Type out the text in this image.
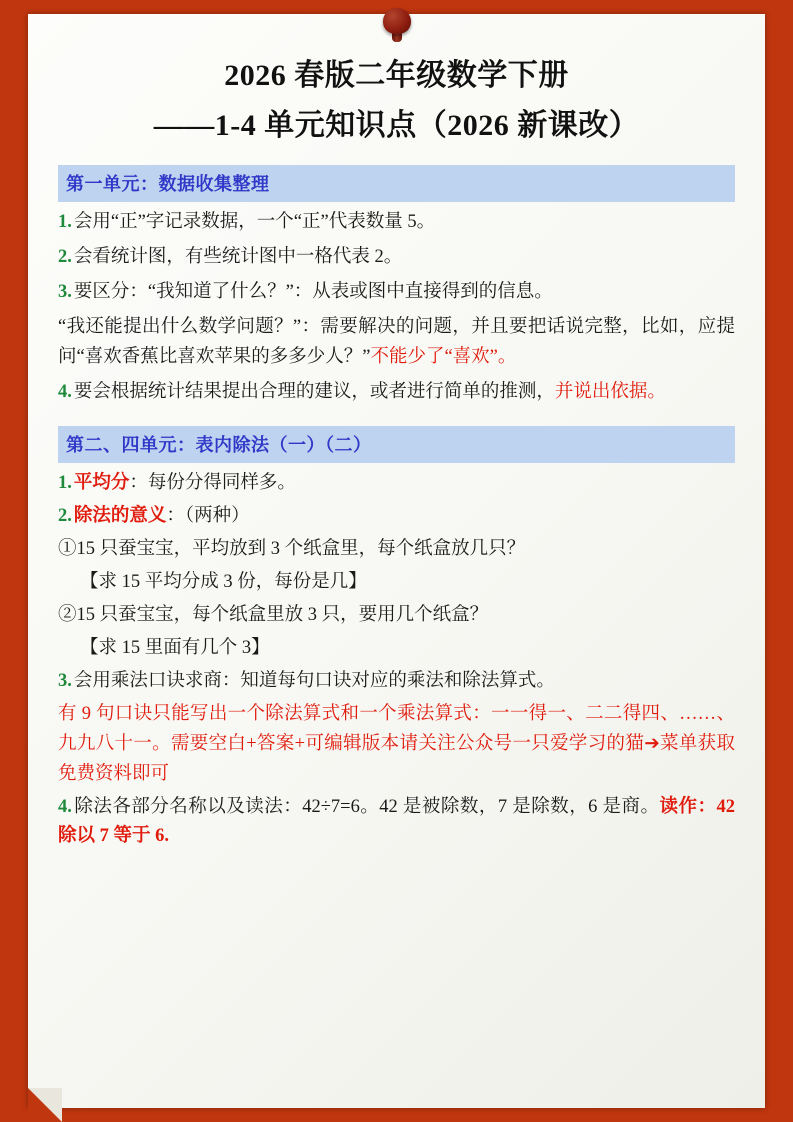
2026 春版二年级数学下册
——1-4 单元知识点（2026 新课改）
第一单元：数据收集整理

1. 会用“正”字记录数据，一个“正”代表数量 5。

2. 会看统计图，有些统计图中一格代表 2。

3. 要区分：“我知道了什么？”：从表或图中直接得到的信息。

“我还能提出什么数学问题？”：需要解决的问题，并且要把话说完整，比如，应提问“喜欢香蕉比喜欢苹果的多多少人？”不能少了“喜欢”。

4. 要会根据统计结果提出合理的建议，或者进行简单的推测，并说出依据。

第二、四单元：表内除法（一）（二）

1. 平均分：每份分得同样多。

2. 除法的意义：（两种）

①15 只蚕宝宝，平均放到 3 个纸盒里，每个纸盒放几只？

【求 15 平均分成 3 份，每份是几】

②15 只蚕宝宝，每个纸盒里放 3 只，要用几个纸盒？

【求 15 里面有几个 3】

3. 会用乘法口诀求商：知道每句口诀对应的乘法和除法算式。

有 9 句口诀只能写出一个除法算式和一个乘法算式：一一得一、二二得四、……、九九八十一。需要空白+答案+可编辑版本请关注公众号一只爱学习的猫➔菜单获取免费资料即可

4. 除法各部分名称以及读法：42÷7=6。42 是被除数，7 是除数，6 是商。读作：42 除以 7 等于 6.
